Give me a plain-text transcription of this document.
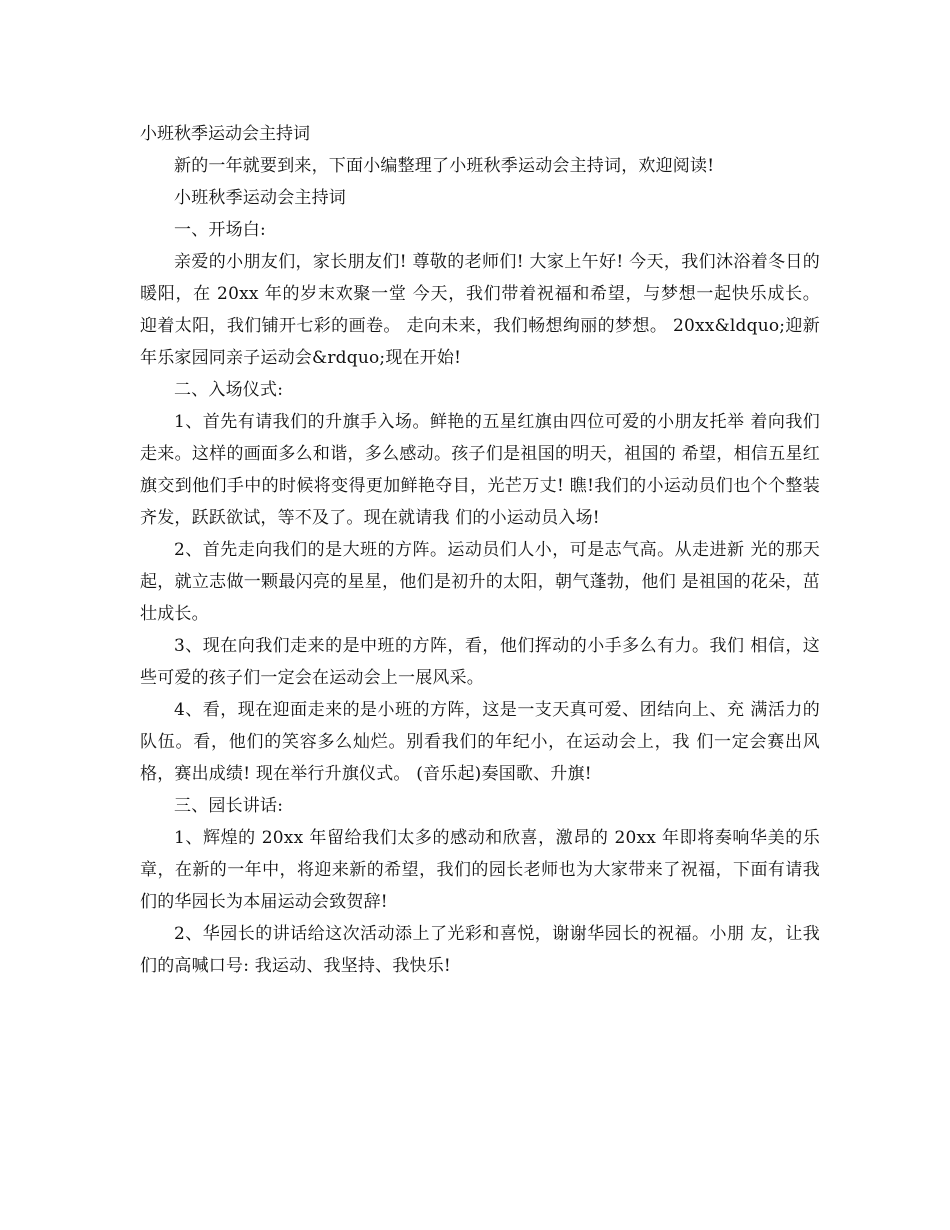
小班秋季运动会主持词

新的一年就要到来，下面小编整理了小班秋季运动会主持词，欢迎阅读!

小班秋季运动会主持词

一、开场白:

亲爱的小朋友们，家长朋友们! 尊敬的老师们! 大家上午好! 今天，我们沐浴着冬日的暖阳，在 20xx 年的岁末欢聚一堂 今天，我们带着祝福和希望，与梦想一起快乐成长。 迎着太阳，我们铺开七彩的画卷。 走向未来，我们畅想绚丽的梦想。 20xx&ldquo;迎新年乐家园同亲子运动会&rdquo;现在开始!

二、入场仪式:

1、首先有请我们的升旗手入场。鲜艳的五星红旗由四位可爱的小朋友托举 着向我们走来。这样的画面多么和谐，多么感动。孩子们是祖国的明天，祖国的 希望，相信五星红旗交到他们手中的时候将变得更加鲜艳夺目，光芒万丈! 瞧!我们的小运动员们也个个整装齐发，跃跃欲试，等不及了。现在就请我 们的小运动员入场!

2、首先走向我们的是大班的方阵。运动员们人小，可是志气高。从走进新 光的那天起，就立志做一颗最闪亮的星星，他们是初升的太阳，朝气蓬勃，他们 是祖国的花朵，茁壮成长。

3、现在向我们走来的是中班的方阵，看，他们挥动的小手多么有力。我们 相信，这些可爱的孩子们一定会在运动会上一展风采。

4、看，现在迎面走来的是小班的方阵，这是一支天真可爱、团结向上、充 满活力的队伍。看，他们的笑容多么灿烂。别看我们的年纪小，在运动会上，我 们一定会赛出风格，赛出成绩! 现在举行升旗仪式。 (音乐起)奏国歌、升旗!

三、园长讲话:

1、辉煌的 20xx 年留给我们太多的感动和欣喜，激昂的 20xx 年即将奏响华美的乐章，在新的一年中，将迎来新的希望，我们的园长老师也为大家带来了祝福，下面有请我们的华园长为本届运动会致贺辞!

2、华园长的讲话给这次活动添上了光彩和喜悦，谢谢华园长的祝福。小朋 友，让我们的高喊口号: 我运动、我坚持、我快乐!
